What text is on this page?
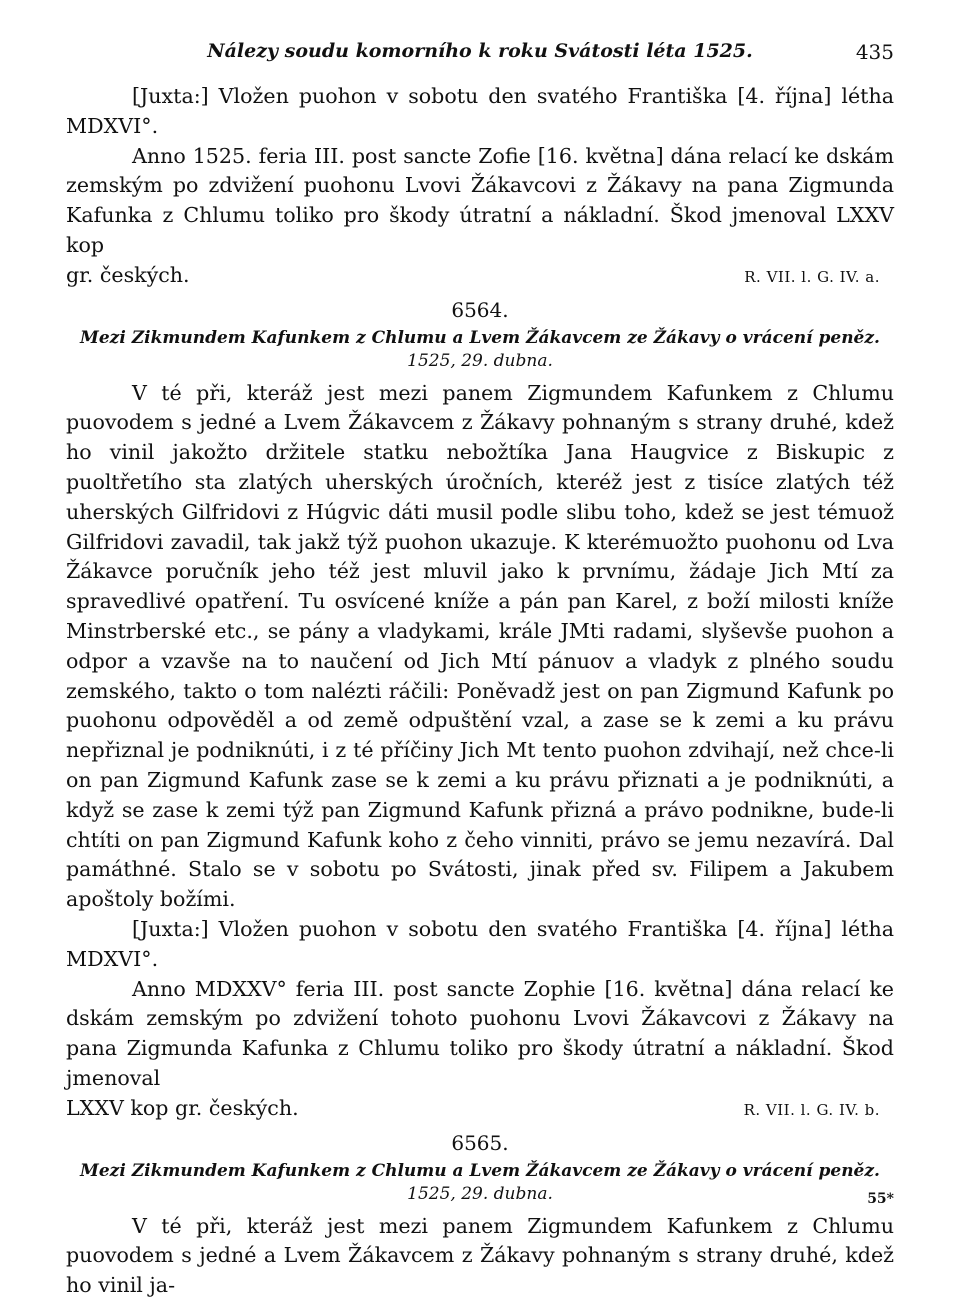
Nálezy soudu komorního k roku Svátosti léta 1525.	435

[Juxta:] Vložen puohon v sobotu den svatého Františka [4. října] létha MDXVI°.

Anno 1525. feria III. post sancte Zofie [16. května] dána relací ke dskám zemským po zdvižení puohonu Lvovi Žákavcovi z Žákavy na pana Zigmunda Kafunka z Chlumu toliko pro škody útratní a nákladní. Škod jmenoval LXXV kop

gr. českých.	R. VII. l. G. IV. a.
6564.
Mezi Zikmundem Kafunkem z Chlumu a Lvem Žákavcem ze Žákavy o vrácení peněz.
1525, 29. dubna.

V té při, kteráž jest mezi panem Zigmundem Kafunkem z Chlumu puovodem s jedné a Lvem Žákavcem z Žákavy pohnaným s strany druhé, kdež ho vinil jakožto držitele statku nebožtíka Jana Haugvice z Biskupic z puoltřetího sta zlatých uherských úročních, kteréž jest z tisíce zlatých též uherských Gilfridovi z Húgvic dáti musil podle slibu toho, kdež se jest témuož Gilfridovi zavadil, tak jakž týž puohon ukazuje. K kterémuožto puohonu od Lva Žákavce poručník jeho též jest mluvil jako k prvnímu, žádaje Jich Mtí za spravedlivé opatření. Tu osvícené kníže a pán pan Karel, z boží milosti kníže Minstrberské etc., se pány a vladykami, krále JMti radami, slyševše puohon a odpor a vzavše na to naučení od Jich Mtí pánuov a vladyk z plného soudu zemského, takto o tom nalézti ráčili: Poněvadž jest on pan Zigmund Kafunk po puohonu odpověděl a od země odpuštění vzal, a zase se k zemi a ku právu nepřiznal je podniknúti, i z té příčiny Jich Mt tento puohon zdvihají, než chce-li on pan Zigmund Kafunk zase se k zemi a ku právu přiznati a je podniknúti, a když se zase k zemi týž pan Zigmund Kafunk přizná a právo podnikne, bude-li chtíti on pan Zigmund Kafunk koho z čeho vinniti, právo se jemu nezavírá. Dal památhné. Stalo se v sobotu po Svátosti, jinak před sv. Filipem a Jakubem apoštoly božími.

[Juxta:] Vložen puohon v sobotu den svatého Františka [4. října] létha MDXVI°.

Anno MDXXV° feria III. post sancte Zophie [16. května] dána relací ke dskám zemským po zdvižení tohoto puohonu Lvovi Žákavcovi z Žákavy na pana Zigmunda Kafunka z Chlumu toliko pro škody útratní a nákladní. Škod jmenoval

LXXV kop gr. českých.	R. VII. l. G. IV. b.
6565.
Mezi Zikmundem Kafunkem z Chlumu a Lvem Žákavcem ze Žákavy o vrácení peněz.
1525, 29. dubna.

V té při, kteráž jest mezi panem Zigmundem Kafunkem z Chlumu puovodem s jedné a Lvem Žákavcem z Žákavy pohnaným s strany druhé, kdež ho vinil ja-

55*
